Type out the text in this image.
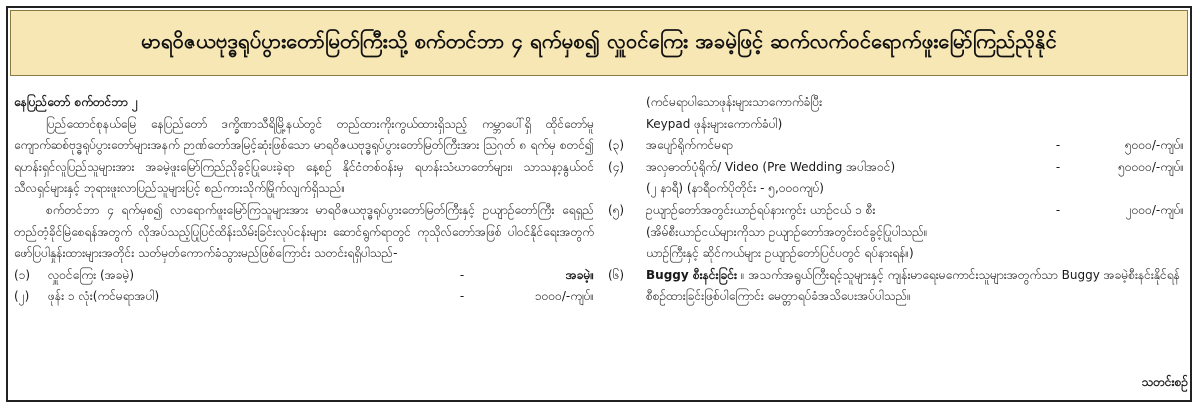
မာရဝိဇယဗုဒ္ဓရုပ်ပွားတော်မြတ်ကြီးသို့ စက်တင်ဘာ ၄ ရက်မှစ၍ လှူဝင်ကြေး အခမဲ့ဖြင့် ဆက်လက်ဝင်ရောက်ဖူးမြော်ကြည်ညိုနိုင်
နေပြည်တော် စက်တင်ဘာ ၂
ပြည်ထောင်စုနယ်မြေ နေပြည်တော် ဒက္ခိဏာသီရိမြို့နယ်တွင် တည်ထားကိုးကွယ်ထားရှိသည့် ကမ္ဘာပေါ်ရှိ ထိုင်တော်မူကျောက်ဆစ်ဗုဒ္ဓရုပ်ပွားတော်များအနက် ဉာဏ်တော်အမြင့်ဆုံးဖြစ်သော မာရဝိဇယဗုဒ္ဓရုပ်ပွားတော်မြတ်ကြီးအား ဩဂုတ် ၈ ရက်မှ စတင်၍ ရဟန်းရှင်လူပြည်သူများအား အခမဲ့ဖူးမြော်ကြည်ညိုခွင့်ပြုပေးခဲ့ရာ နေ့စဉ် နိုင်ငံတစ်ဝန်းမှ ရဟန်းသံဃာတော်များ၊ သာသနာ့နွယ်ဝင် သီလရှင်များနှင့် ဘုရားဖူးလာပြည်သူများပြင့် စည်ကားသိုက်မြိုက်လျက်ရှိသည်။
စက်တင်ဘာ ၄ ရက်မှစ၍ လာရောက်ဖူးမြော်ကြသူများအား မာရဝိဇယဗုဒ္ဓရုပ်ပွားတော်မြတ်ကြီးနှင့် ဥယျာဉ်တော်ကြီး ရေရှည်တည်တံ့ခိုင်မြဲစေရန်အတွက် လိုအပ်သည့်ပြုပြင်ထိန်းသိမ်းခြင်းလုပ်ငန်းများ ဆောင်ရွက်ရာတွင် ကုသိုလ်တော်အဖြစ် ပါဝင်နိုင်ရေးအတွက် ဖော်ပြပါနှုန်းထားများအတိုင်း သတ်မှတ်ကောက်ခံသွားမည်ဖြစ်ကြောင်း သတင်းရရှိပါသည်-
(၁)	လှူဝင်ကြေး (အခမဲ့)	-	အခမဲ့။
(၂)	ဖုန်း ၁ လုံး(ကင်မရာအပါ)	-	၁၀၀၀/-ကျပ်။
(ကင်မရာပါသောဖုန်းများသာကောက်ခံပြီး
Keypad ဖုန်းများကောက်ခံပါ)
(၃)	အပျော်ရိုက်ကင်မရာ	-	၅၀၀၀/-ကျပ်။
(၄)	အလှဓာတ်ပုံရိုက်/ Video (Pre Wedding အပါအဝင်)	-	၅၀၀၀၀/-ကျပ်။
(၂ နာရီ) (နာရီဝက်ပိုတိုင်း - ၅,၀၀၀ကျပ်)
(၅)	ဥယျာဉ်တော်အတွင်းယာဉ်ရပ်နားကွင်း ယာဉ်ငယ် ၁ စီး	-	၂၀၀၀/-ကျပ်။
(အိမ်စီးယာဉ်ငယ်များကိုသာ ဥယျာဉ်တော်အတွင်းဝင်ခွင့်ပြုပါသည်။
ယာဉ်ကြီးနှင့် ဆိုင်ကယ်များ ဥယျာဉ်တော်ပြင်ပတွင် ရပ်နားရန်။)
(၆)	Buggy စီးနင်းခြင်း ။ အသက်အရွယ်ကြီးရင့်သူများနှင့် ကျန်းမာရေးမကောင်းသူများအတွက်သာ Buggy အခမဲ့စီးနင်းနိုင်ရန် စီစဉ်ထားခြင်းဖြစ်ပါကြောင်း မေတ္တာရပ်ခံအသိပေးအပ်ပါသည်။
သတင်းစဉ်
